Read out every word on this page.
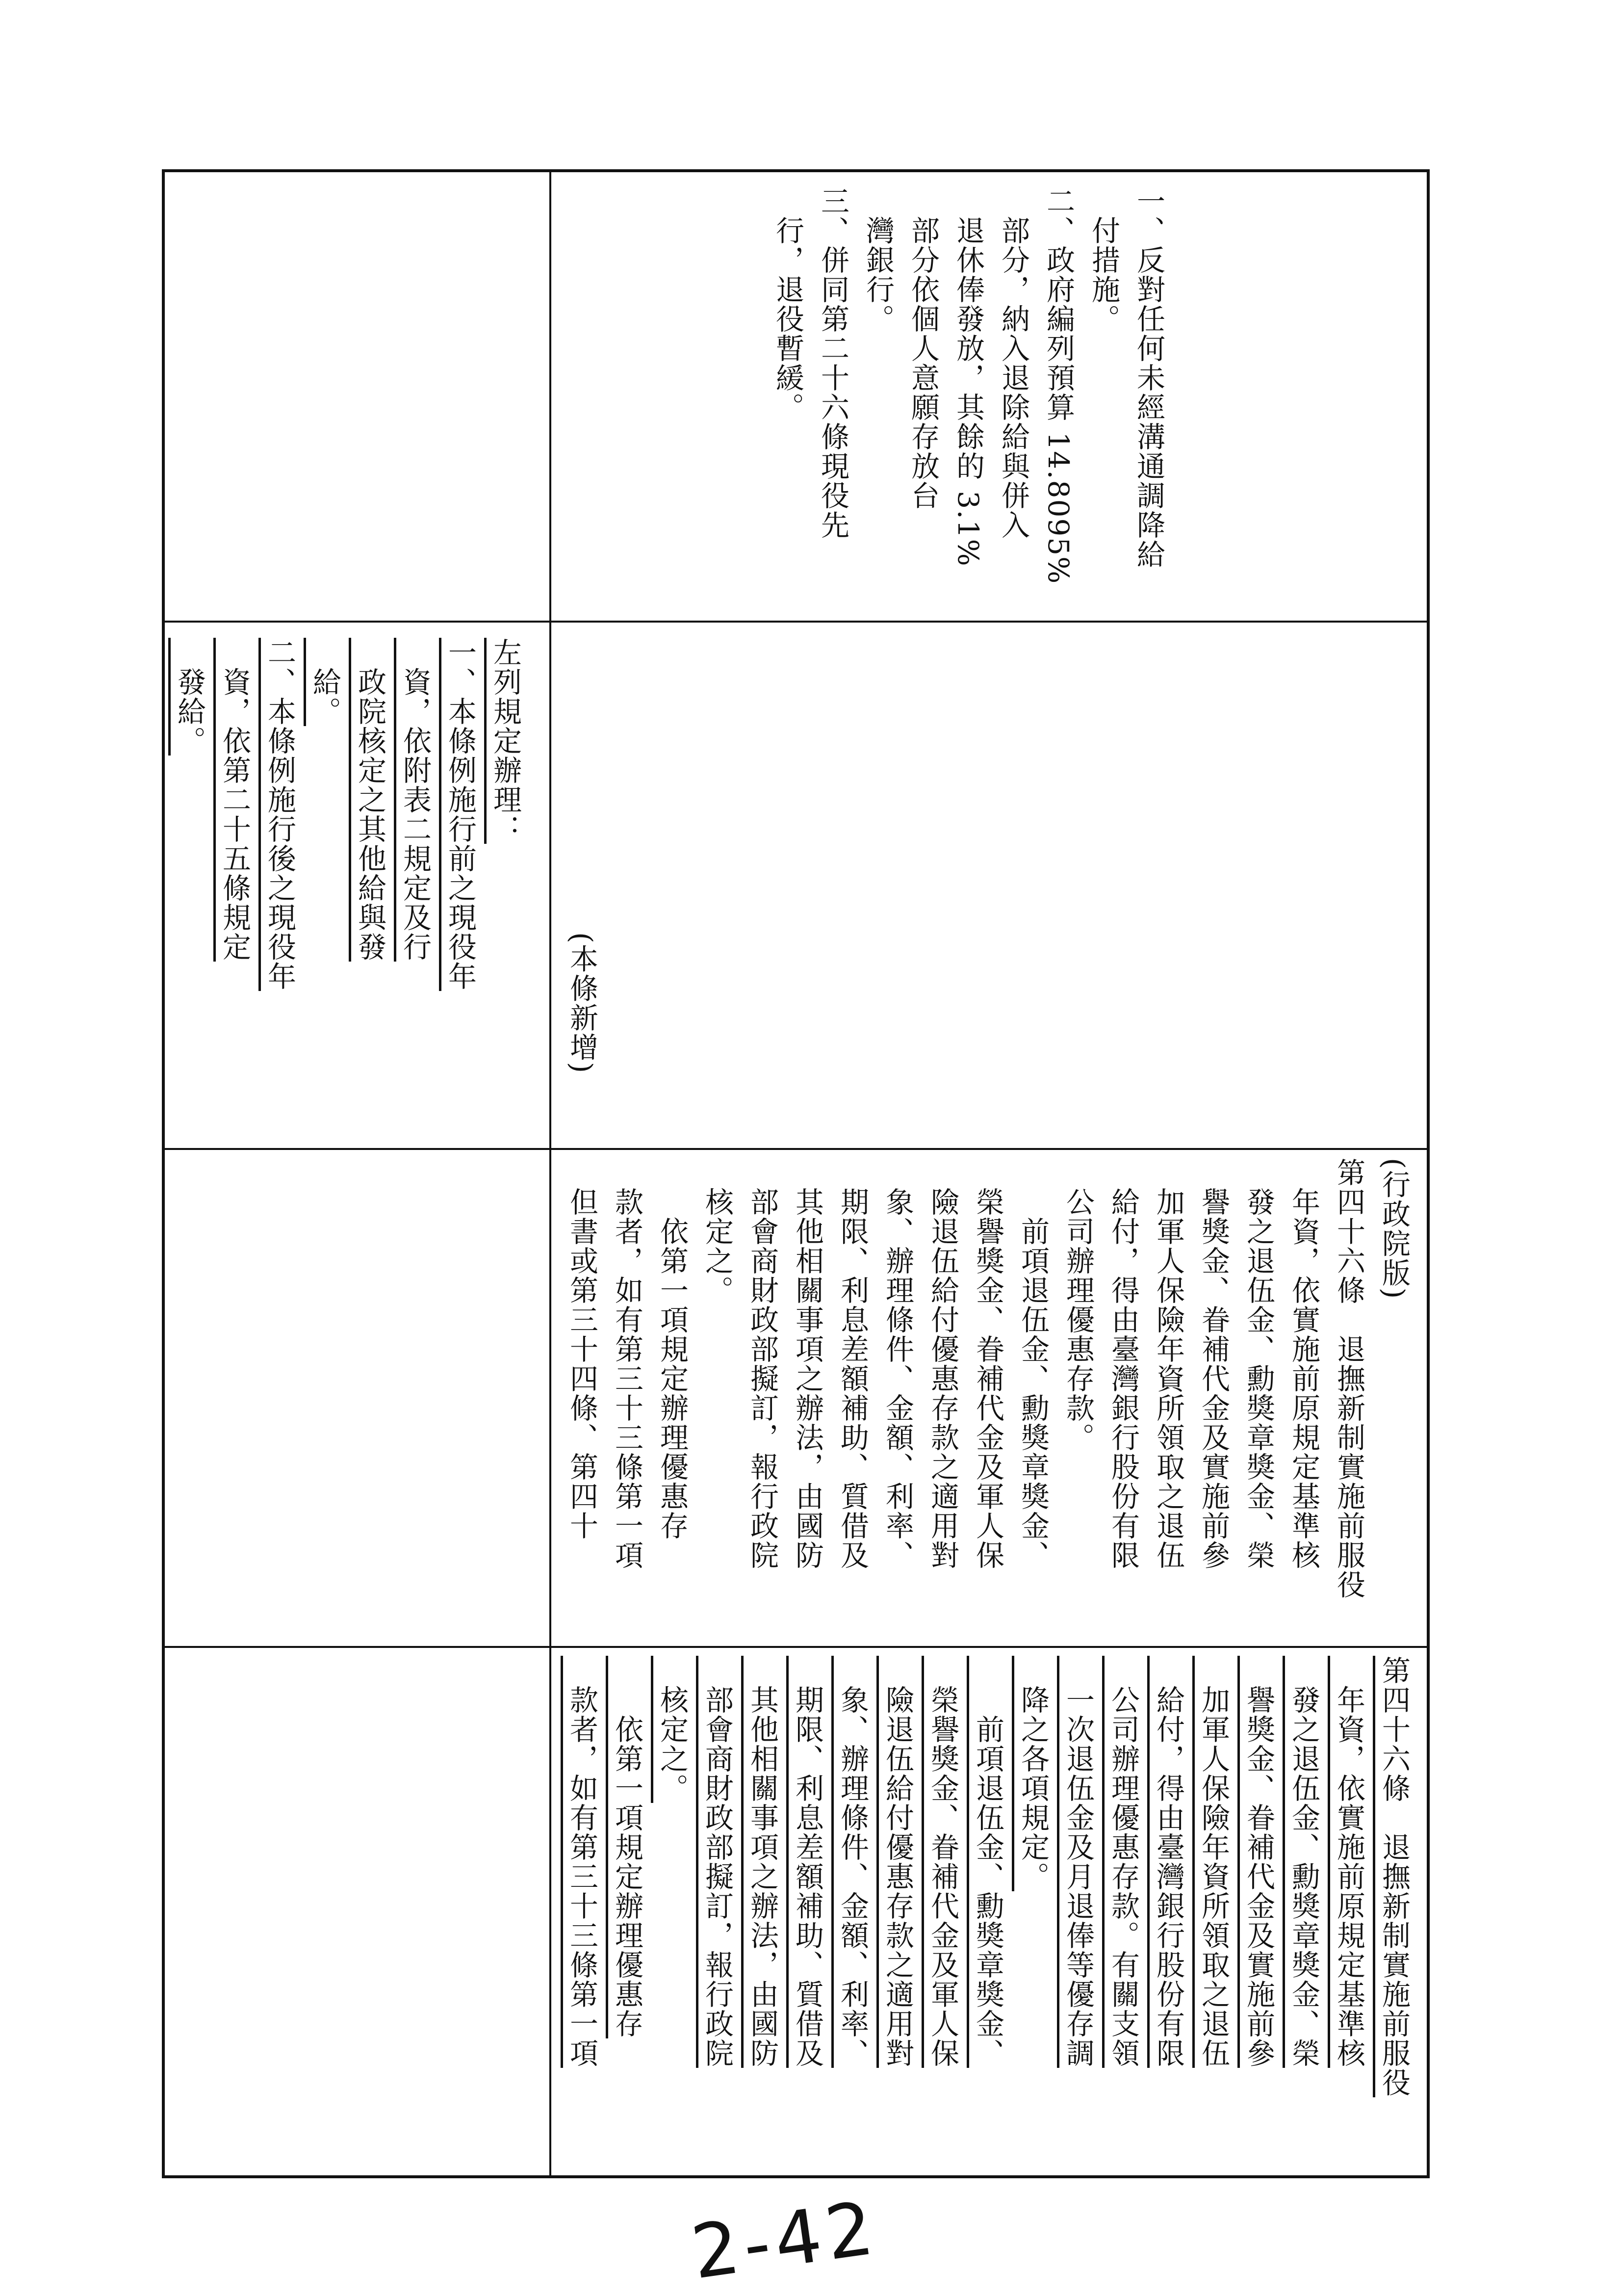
一、反對任何未經溝通調降給
　付措施。
二、政府編列預算 14.8095%
　部分，納入退除給與併入
　退休俸發放，其餘的 3.1%
　部分依個人意願存放台
　灣銀行。
三、併同第二十六條現役先
　行，退役暫緩。
左列規定辦理：
一、本條例施行前之現役年
　資，依附表二規定及行
　政院核定之其他給與發
　給。
二、本條例施行後之現役年
　資，依第二十五條規定
　發給。
(本條新增)
(行政院版)
第四十六條　退撫新制實施前服役
　年資，依實施前原規定基準核
　發之退伍金、勳獎章獎金、榮
　譽獎金、眷補代金及實施前參
　加軍人保險年資所領取之退伍
　給付，得由臺灣銀行股份有限
　公司辦理優惠存款。
　　前項退伍金、勳獎章獎金、
　榮譽獎金、眷補代金及軍人保
　險退伍給付優惠存款之適用對
　象、辦理條件、金額、利率、
　期限、利息差額補助、質借及
　其他相關事項之辦法，由國防
　部會商財政部擬訂，報行政院
　核定之。
　　依第一項規定辦理優惠存
　款者，如有第三十三條第一項
　但書或第三十四條、第四十
第四十六條　退撫新制實施前服役
　年資，依實施前原規定基準核
　發之退伍金、勳獎章獎金、榮
　譽獎金、眷補代金及實施前參
　加軍人保險年資所領取之退伍
　給付，得由臺灣銀行股份有限
　公司辦理優惠存款。有關支領
　一次退伍金及月退俸等優存調
　降之各項規定。
　　前項退伍金、勳獎章獎金、
　榮譽獎金、眷補代金及軍人保
　險退伍給付優惠存款之適用對
　象、辦理條件、金額、利率、
　期限、利息差額補助、質借及
　其他相關事項之辦法，由國防
　部會商財政部擬訂，報行政院
　核定之。
　　依第一項規定辦理優惠存
　款者，如有第三十三條第一項
2-42
